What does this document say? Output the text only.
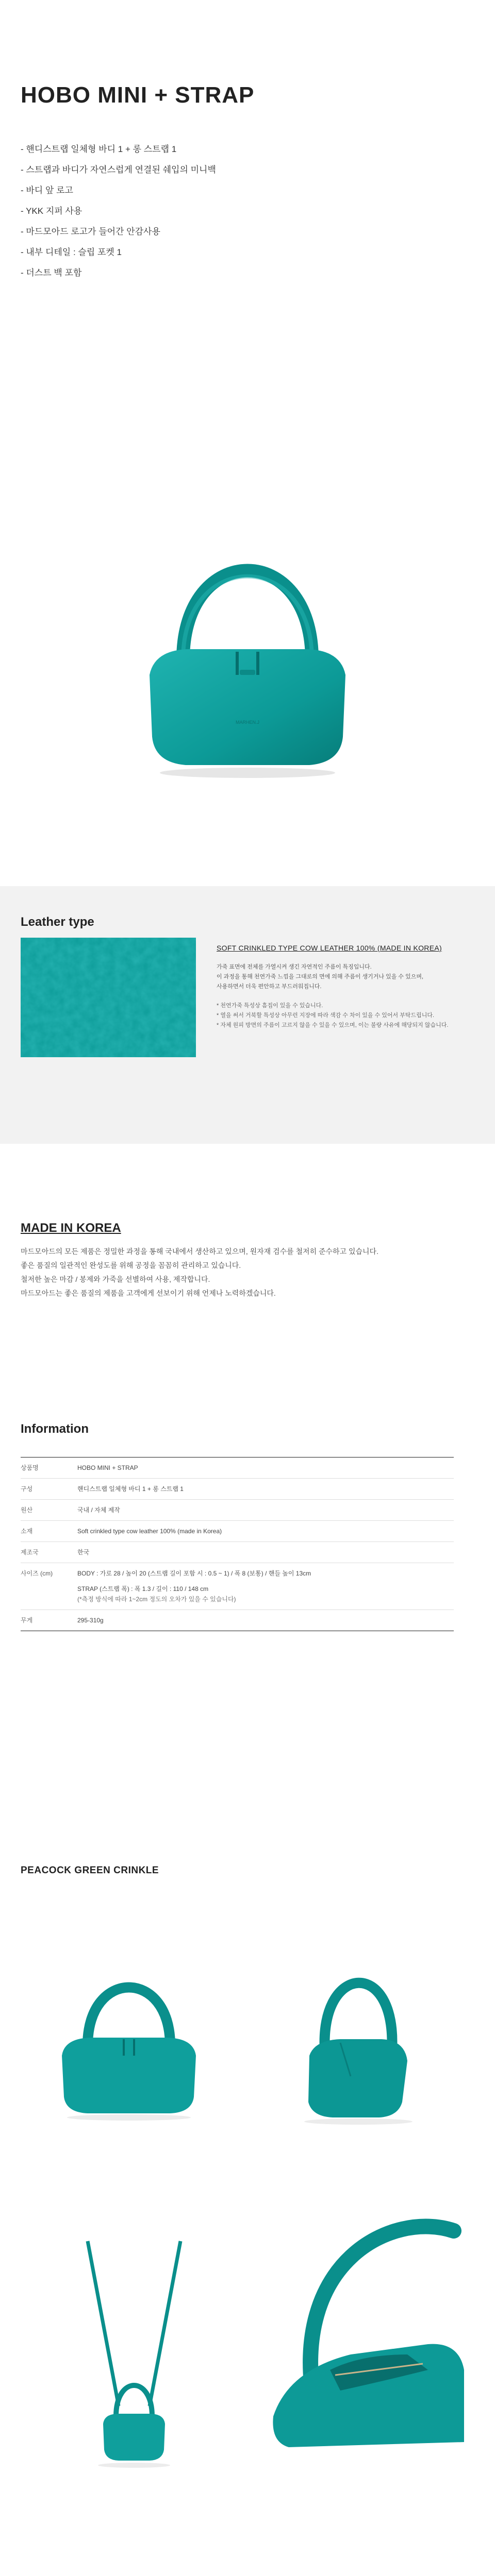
HOBO MINI + STRAP
- 핸디스트랩 일체형 바디 1 + 롱 스트랩 1
- 스트랩과 바디가 자연스럽게 연결된 쉐입의 미니백
- 바디 앞 로고
- YKK 지퍼 사용
- 마드모아드 로고가 들어간 안감사용
- 내부 디테일 : 슬립 포켓 1
- 더스트 백 포함
MARHEN.J
Leather type
SOFT CRINKLED TYPE COW LEATHER 100% (MADE IN KOREA)
가죽 표면에 전체를 가열시켜 생긴 자연적인 주름이 특징입니다.
이 과정을 통해 천연가죽 느낌을 그대로의 면에 의해 주름이 생기거나 있을 수 있으며,
사용하면서 더욱 편안하고 부드러워집니다.
* 천연가죽 특성상 흠집이 있을 수 있습니다.
* 열을 써서 거북할 특성상 아무런 지장에 따라 색감 수 차이 있을 수 있어서 부탁드립니다.
* 자체 원피 방면의 주름이 고르지 않을 수 있을 수 있으며, 이는 불량 사유에 해당되지 않습니다.
MADE IN KOREA

마드모아드의 모든 제품은 정밀한 과정을 통해 국내에서 생산하고 있으며, 원자재 검수를 철저히 준수하고 있습니다.

좋은 품질의 일관적인 완성도를 위해 공정을 꼼꼼히 관리하고 있습니다.

철저한 높은 마감 / 봉제와 가죽을 선별하여 사용, 제작합니다.

마드모아드는 좋은 품질의 제품을 고객에게 선보이기 위해 언제나 노력하겠습니다.

Information
상품명	HOBO MINI + STRAP
구성	핸디스트랩 일체형 바디 1 + 롱 스트랩 1
원산	국내 / 자체 제작
소재	Soft crinkled type cow leather 100% (made in Korea)
제조국	한국
사이즈 (cm)	BODY : 가로 28 / 높이 20 (스트랩 길이 포함 시 : 0.5 ~ 1) / 폭 8 (보통) / 핸들 높이 13cm
STRAP (스트랩 폭) : 폭 1.3 / 길이 : 110 / 148 cm
(*측정 방식에 따라 1~2cm 정도의 오차가 있을 수 있습니다)

무게	295-310g
PEACOCK GREEN CRINKLE
